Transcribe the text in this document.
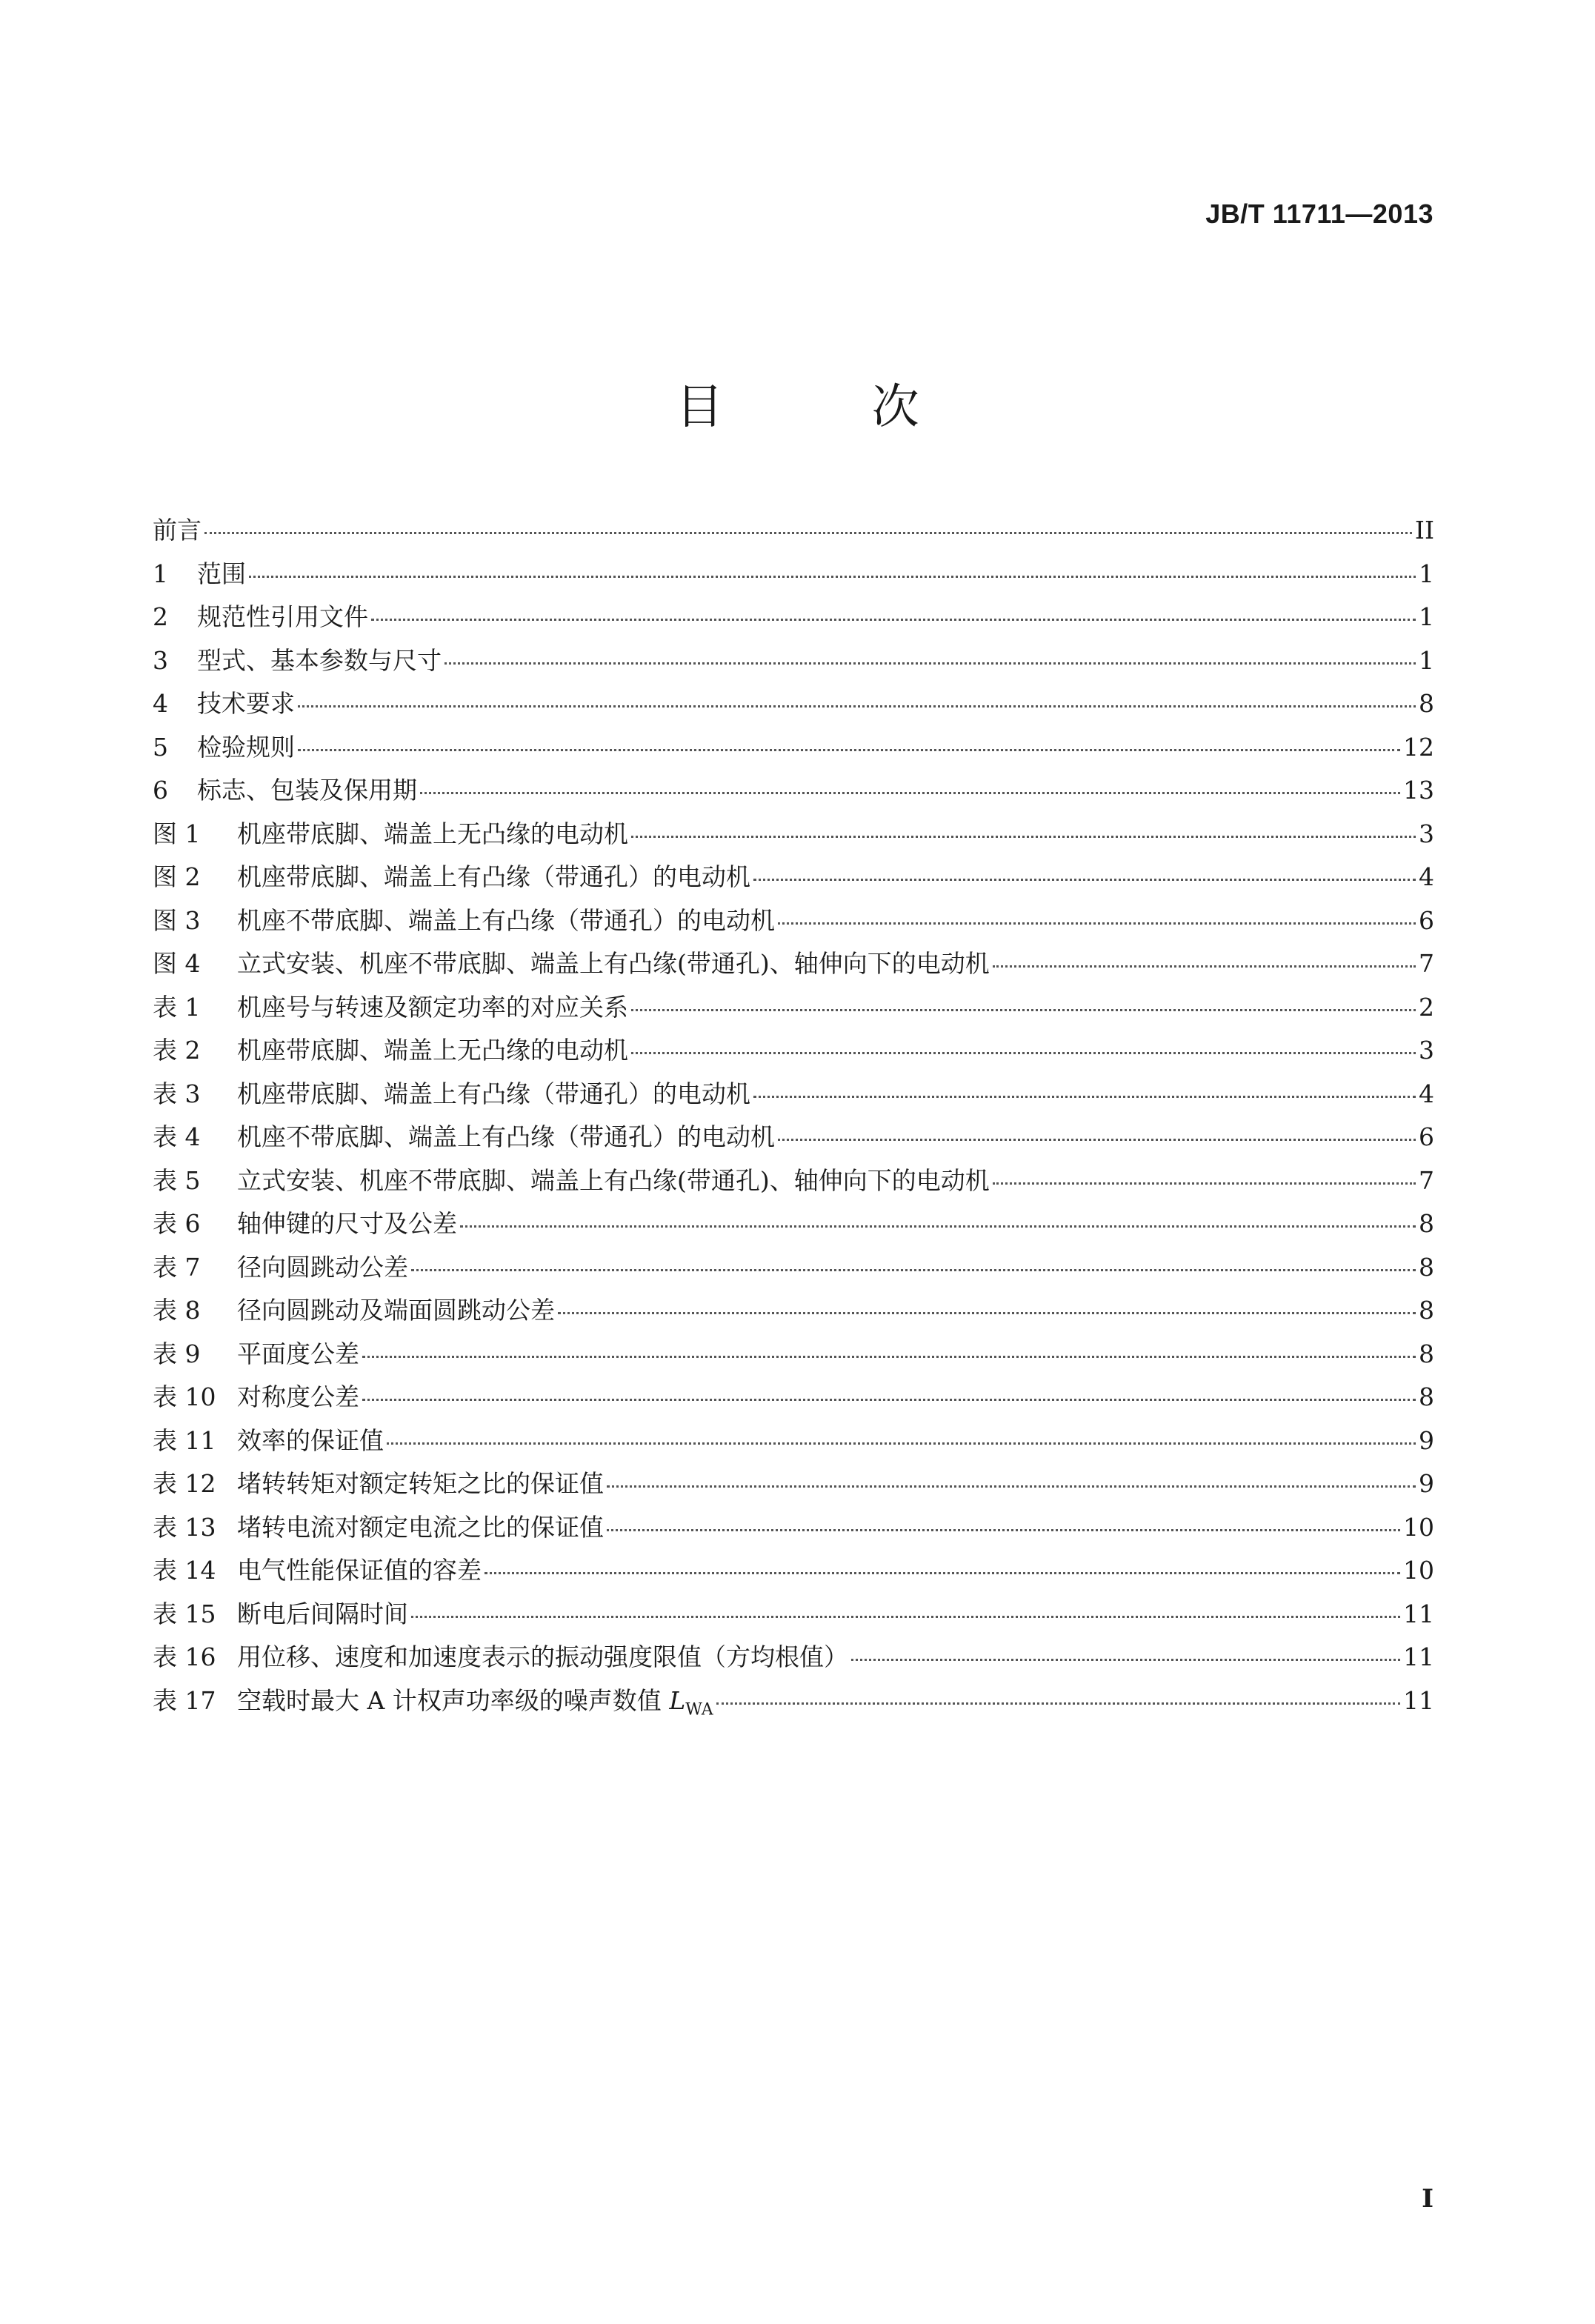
JB/T 11711—2013
目 次
前言	II
1	范围	1
2	规范性引用文件	1
3	型式、基本参数与尺寸	1
4	技术要求	8
5	检验规则	12
6	标志、包装及保用期	13
图 1	机座带底脚、端盖上无凸缘的电动机	3
图 2	机座带底脚、端盖上有凸缘（带通孔）的电动机	4
图 3	机座不带底脚、端盖上有凸缘（带通孔）的电动机	6
图 4	立式安装、机座不带底脚、端盖上有凸缘(带通孔)、轴伸向下的电动机	7
表 1	机座号与转速及额定功率的对应关系	2
表 2	机座带底脚、端盖上无凸缘的电动机	3
表 3	机座带底脚、端盖上有凸缘（带通孔）的电动机	4
表 4	机座不带底脚、端盖上有凸缘（带通孔）的电动机	6
表 5	立式安装、机座不带底脚、端盖上有凸缘(带通孔)、轴伸向下的电动机	7
表 6	轴伸键的尺寸及公差	8
表 7	径向圆跳动公差	8
表 8	径向圆跳动及端面圆跳动公差	8
表 9	平面度公差	8
表 10 对称度公差	8
表 11 效率的保证值	9
表 12 堵转转矩对额定转矩之比的保证值	9
表 13 堵转电流对额定电流之比的保证值	10
表 14 电气性能保证值的容差	10
表 15 断电后间隔时间	11
表 16 用位移、速度和加速度表示的振动强度限值（方均根值）	11
表 17 空载时最大 A 计权声功率级的噪声数值 $L_{WA}$	11
I
